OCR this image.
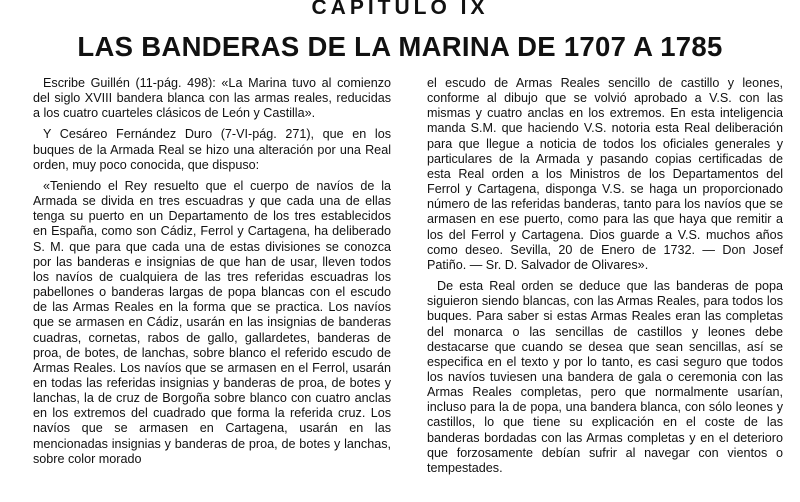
CAPITULO IX
LAS BANDERAS DE LA MARINA DE 1707 A 1785

Escribe Guillén (11-pág. 498): «La Marina tuvo al comienzo del siglo XVIII bandera blanca con las armas reales, reducidas a los cuatro cuarteles clásicos de León y Castilla».

Y Cesáreo Fernández Duro (7-VI-pág. 271), que en los buques de la Armada Real se hizo una alteración por una Real orden, muy poco conocida, que dispuso:

«Teniendo el Rey resuelto que el cuerpo de navíos de la Armada se divida en tres escuadras y que cada una de ellas tenga su puerto en un Departamento de los tres establecidos en España, como son Cádiz, Ferrol y Cartagena, ha deliberado S. M. que para que cada una de estas divisiones se conozca por las banderas e insignias de que han de usar, lleven todos los navíos de cualquiera de las tres referidas escuadras los pabellones o banderas largas de popa blancas con el escudo de las Armas Reales en la forma que se practica. Los navíos que se armasen en Cádiz, usarán en las insignias de banderas cuadras, cornetas, rabos de gallo, gallardetes, banderas de proa, de botes, de lanchas, sobre blanco el referido escudo de Armas Reales. Los navíos que se armasen en el Ferrol, usarán en todas las referidas insignias y banderas de proa, de botes y lanchas, la de cruz de Borgoña sobre blanco con cuatro anclas en los extremos del cuadrado que forma la referida cruz. Los navíos que se armasen en Cartagena, usarán en las mencionadas insignias y banderas de proa, de botes y lanchas, sobre color morado

el escudo de Armas Reales sencillo de castillo y leones, conforme al dibujo que se volvió aprobado a V.S. con las mismas y cuatro anclas en los extremos. En esta inteligencia manda S.M. que haciendo V.S. notoria esta Real deliberación para que llegue a noticia de todos los oficiales generales y particulares de la Armada y pasando copias certificadas de esta Real orden a los Ministros de los Departamentos del Ferrol y Cartagena, disponga V.S. se haga un proporcionado número de las referidas banderas, tanto para los navíos que se armasen en ese puerto, como para las que haya que remitir a los del Ferrol y Cartagena. Dios guarde a V.S. muchos años como deseo. Sevilla, 20 de Enero de 1732. — Don Josef Patiño. — Sr. D. Salvador de Olivares».

De esta Real orden se deduce que las banderas de popa siguieron siendo blancas, con las Armas Reales, para todos los buques. Para saber si estas Armas Reales eran las completas del monarca o las sencillas de castillos y leones debe destacarse que cuando se desea que sean sencillas, así se especifica en el texto y por lo tanto, es casi seguro que todos los navíos tuviesen una bandera de gala o ceremonia con las Armas Reales completas, pero que normalmente usarían, incluso para la de popa, una bandera blanca, con sólo leones y castillos, lo que tiene su explicación en el coste de las banderas bordadas con las Armas completas y en el deterioro que forzosamente debían sufrir al navegar con vientos o tempestades.
